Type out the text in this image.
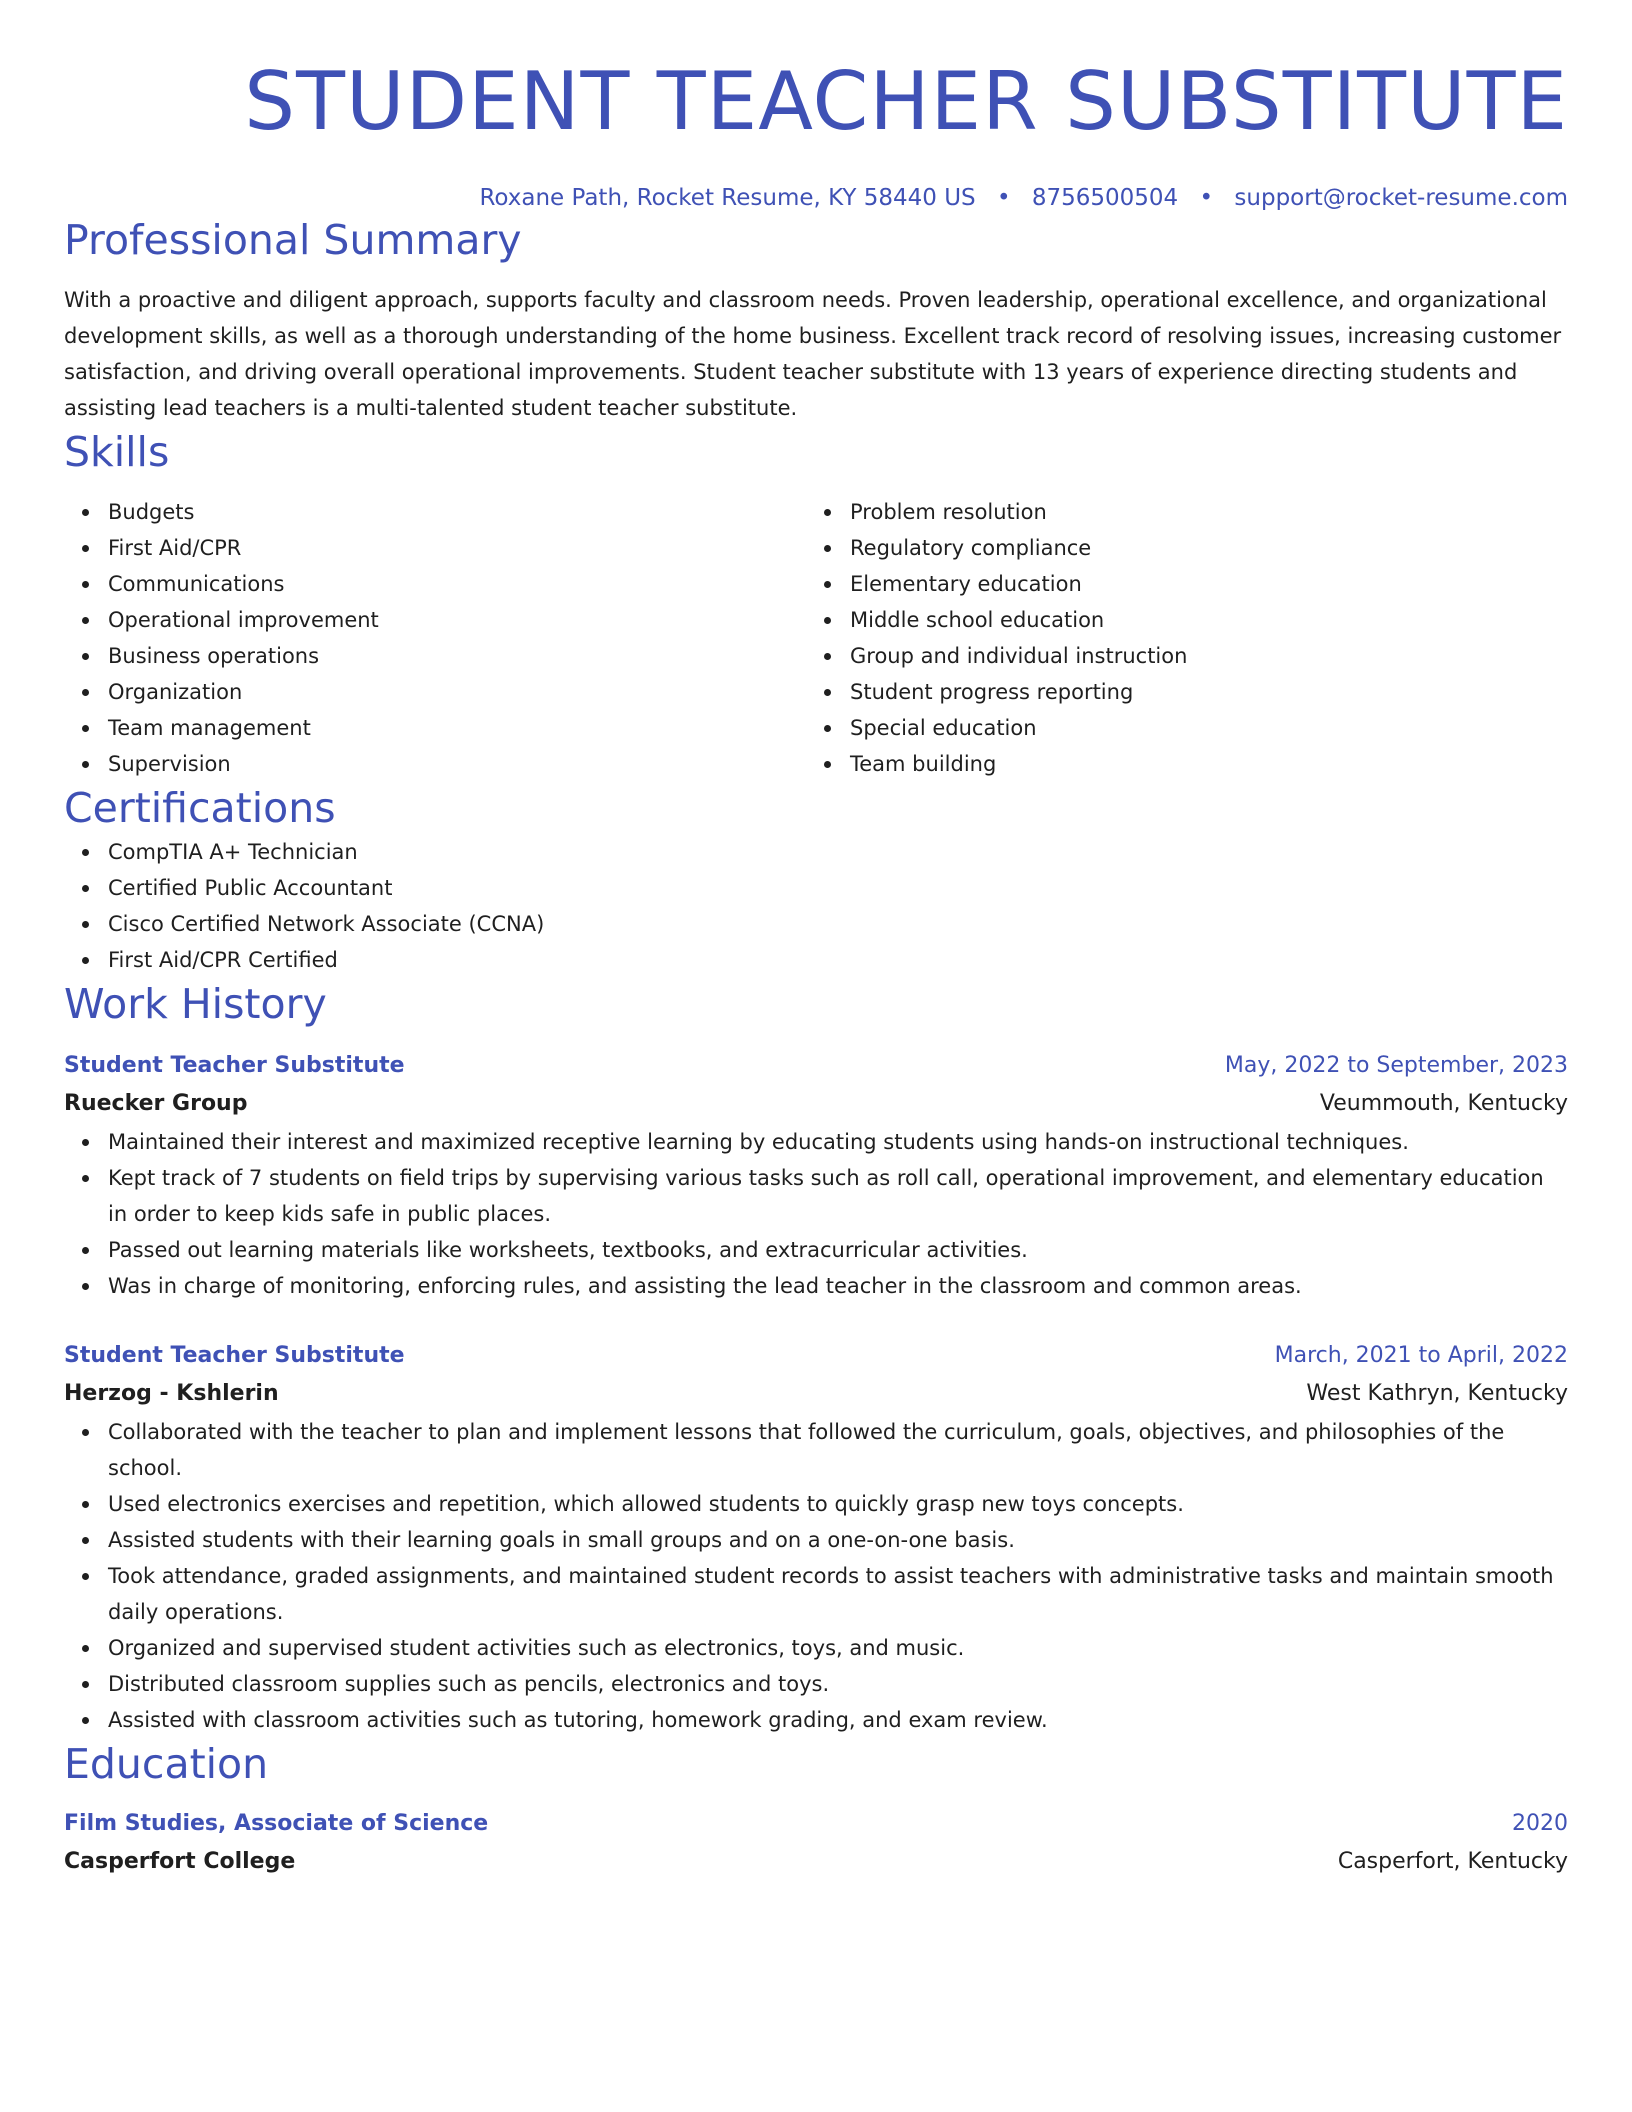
STUDENT TEACHER SUBSTITUTE
Roxane Path, Rocket Resume, KY 58440 US • 8756500504 • support@rocket-resume.com
Professional Summary
With a proactive and diligent approach, supports faculty and classroom needs. Proven leadership, operational excellence, and organizational development skills, as well as a thorough understanding of the home business. Excellent track record of resolving issues, increasing customer satisfaction, and driving overall operational improvements. Student teacher substitute with 13 years of experience directing students and assisting lead teachers is a multi-talented student teacher substitute.
Skills
Budgets
First Aid/CPR
Communications
Operational improvement
Business operations
Organization
Team management
Supervision
Problem resolution
Regulatory compliance
Elementary education
Middle school education
Group and individual instruction
Student progress reporting
Special education
Team building
Certifications
CompTIA A+ Technician
Certified Public Accountant
Cisco Certified Network Associate (CCNA)
First Aid/CPR Certified
Work History
Student Teacher Substitute	May, 2022 to September, 2023
Ruecker Group	Veummouth, Kentucky
Maintained their interest and maximized receptive learning by educating students using hands-on instructional techniques.
Kept track of 7 students on field trips by supervising various tasks such as roll call, operational improvement, and elementary education in order to keep kids safe in public places.
Passed out learning materials like worksheets, textbooks, and extracurricular activities.
Was in charge of monitoring, enforcing rules, and assisting the lead teacher in the classroom and common areas.
Student Teacher Substitute	March, 2021 to April, 2022
Herzog - Kshlerin	West Kathryn, Kentucky
Collaborated with the teacher to plan and implement lessons that followed the curriculum, goals, objectives, and philosophies of the school.
Used electronics exercises and repetition, which allowed students to quickly grasp new toys concepts.
Assisted students with their learning goals in small groups and on a one-on-one basis.
Took attendance, graded assignments, and maintained student records to assist teachers with administrative tasks and maintain smooth daily operations.
Organized and supervised student activities such as electronics, toys, and music.
Distributed classroom supplies such as pencils, electronics and toys.
Assisted with classroom activities such as tutoring, homework grading, and exam review.
Education
Film Studies, Associate of Science	2020
Casperfort College	Casperfort, Kentucky
